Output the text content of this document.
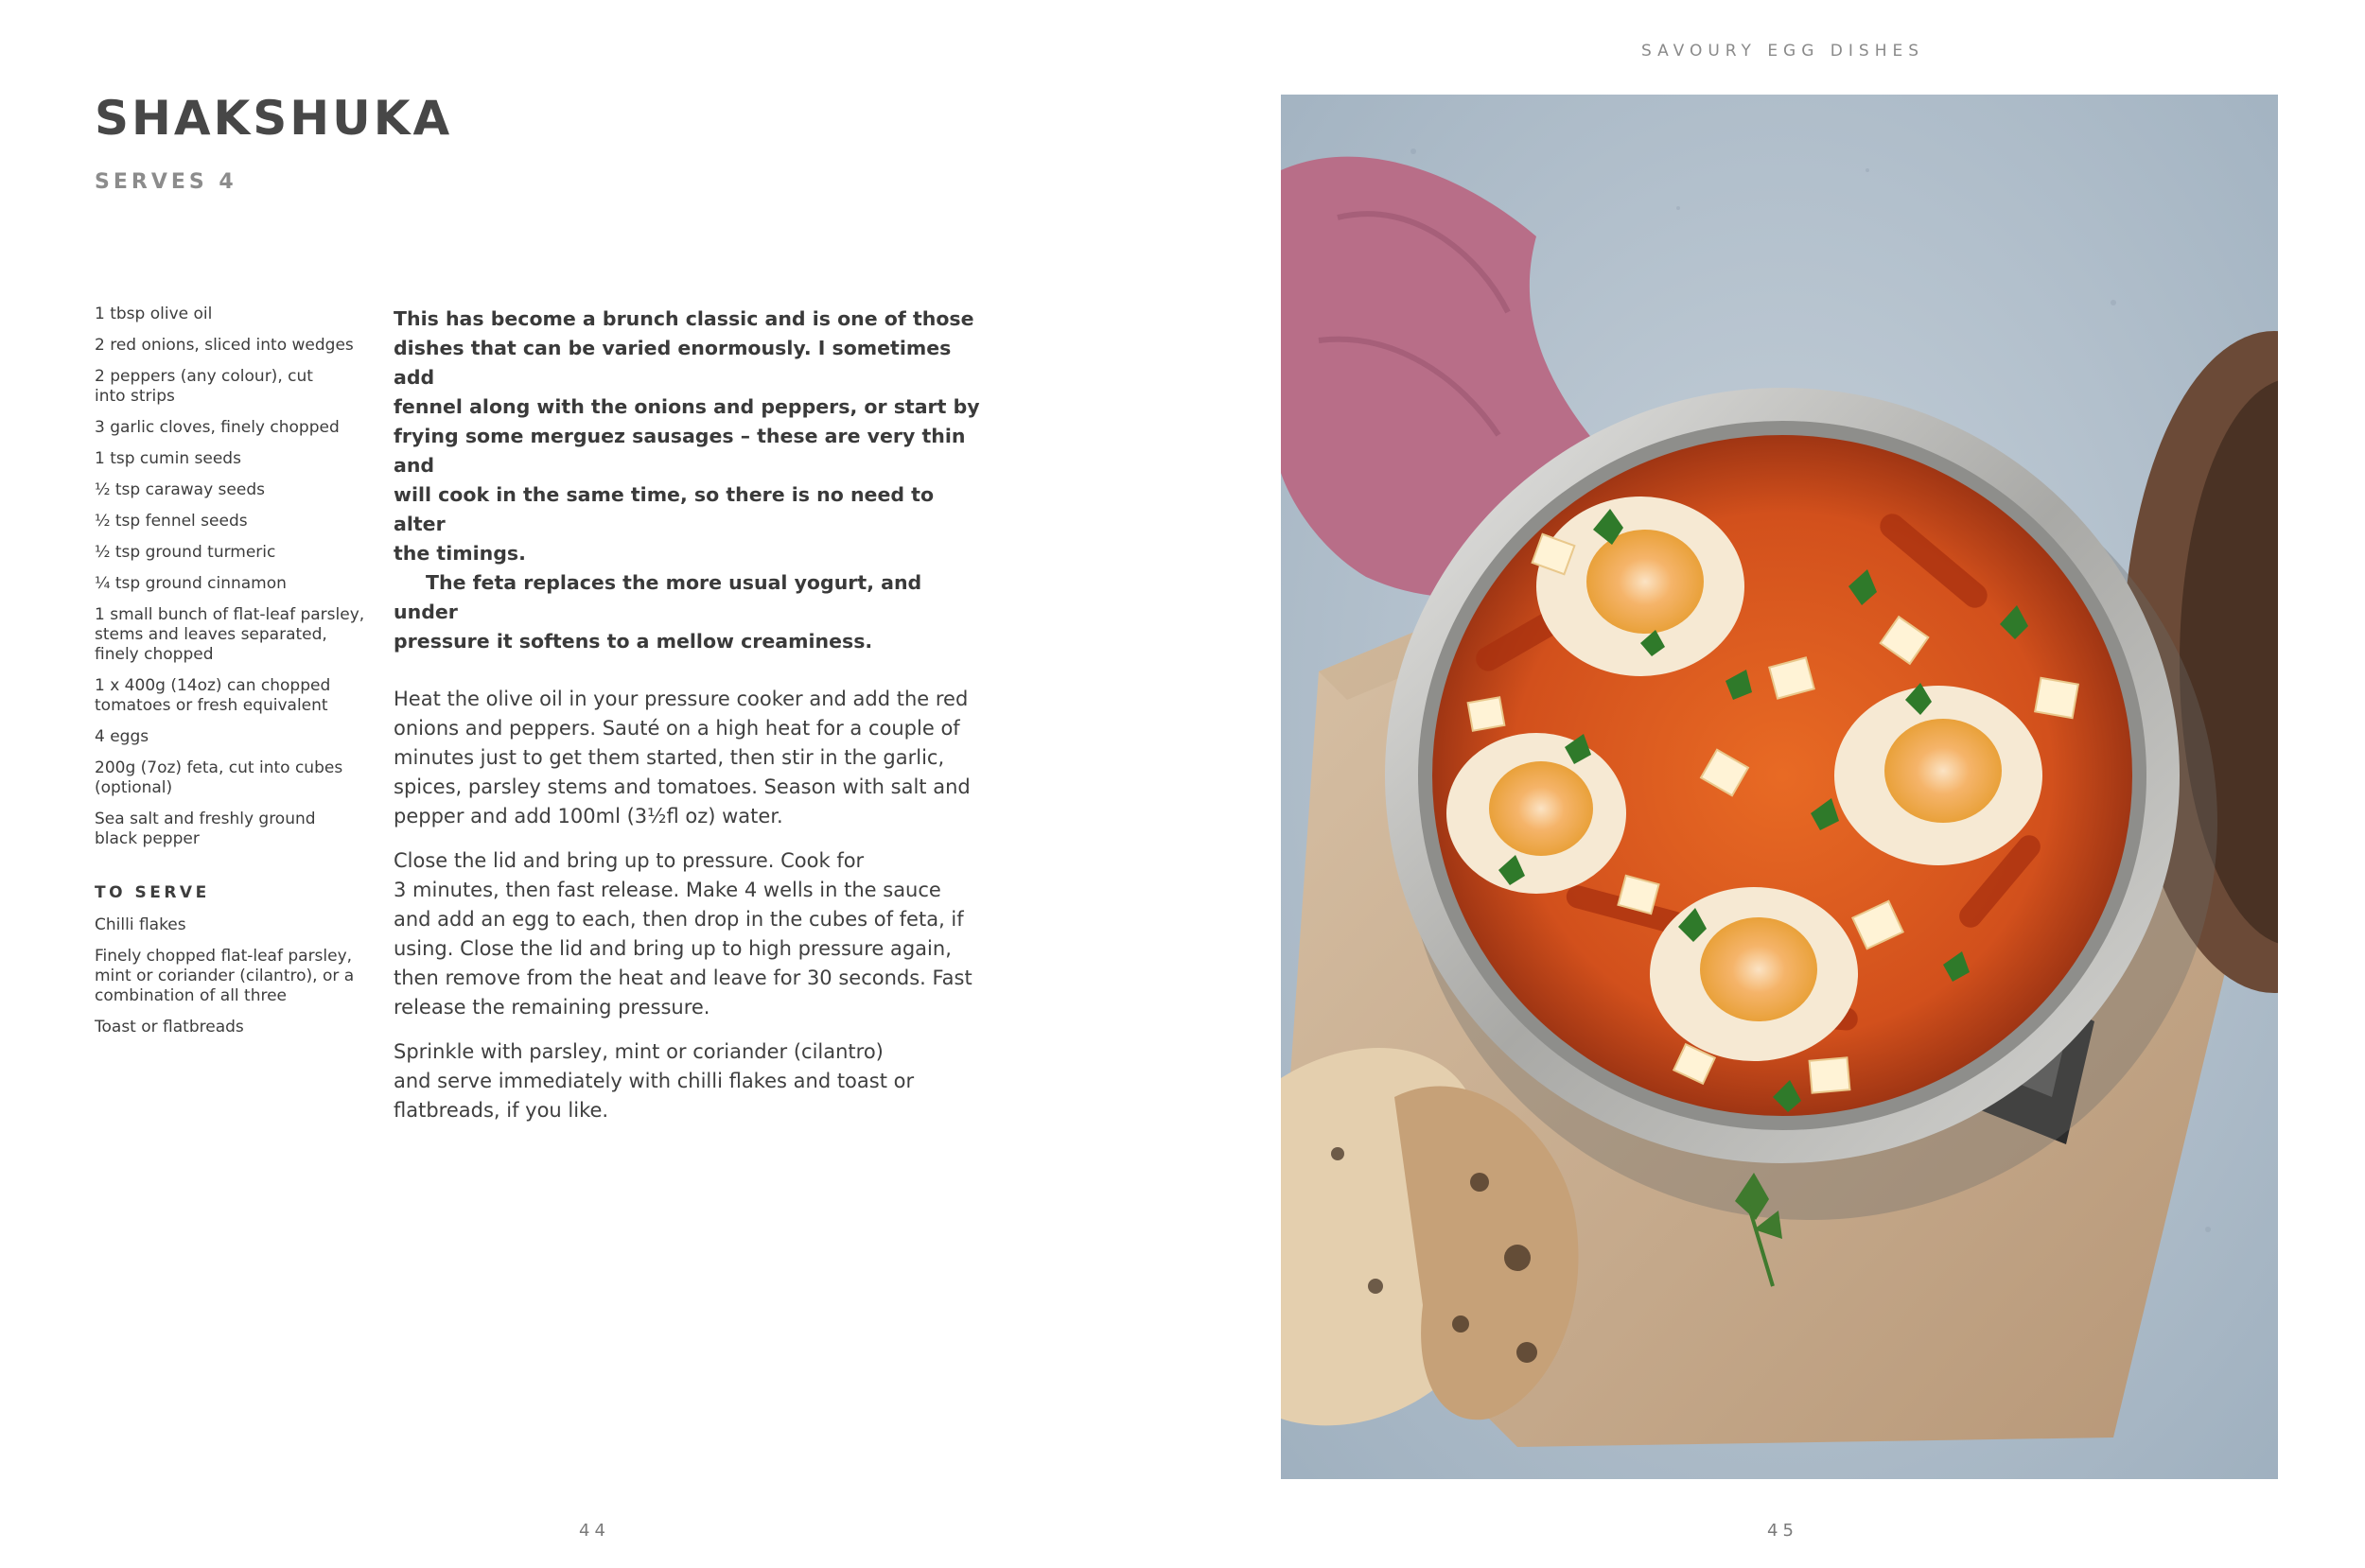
SHAKSHUKA
SERVES 4
1 tbsp olive oil
2 red onions, sliced into wedges
2 peppers (any colour), cut
into strips
3 garlic cloves, finely chopped
1 tsp cumin seeds
½ tsp caraway seeds
½ tsp fennel seeds
½ tsp ground turmeric
¼ tsp ground cinnamon
1 small bunch of flat-leaf parsley,
stems and leaves separated,
finely chopped
1 x 400g (14oz) can chopped
tomatoes or fresh equivalent
4 eggs
200g (7oz) feta, cut into cubes
(optional)
Sea salt and freshly ground
black pepper
TO SERVE
Chilli flakes
Finely chopped flat-leaf parsley,
mint or coriander (cilantro), or a
combination of all three
Toast or flatbreads

This has become a brunch classic and is one of those
dishes that can be varied enormously. I sometimes add
fennel along with the onions and peppers, or start by
frying some merguez sausages – these are very thin and
will cook in the same time, so there is no need to alter
the timings.

The feta replaces the more usual yogurt, and under
pressure it softens to a mellow creaminess.

Heat the olive oil in your pressure cooker and add the red
onions and peppers. Sauté on a high heat for a couple of
minutes just to get them started, then stir in the garlic,
spices, parsley stems and tomatoes. Season with salt and
pepper and add 100ml (3½fl oz) water.

Close the lid and bring up to pressure. Cook for
3 minutes, then fast release. Make 4 wells in the sauce
and add an egg to each, then drop in the cubes of feta, if
using. Close the lid and bring up to high pressure again,
then remove from the heat and leave for 30 seconds. Fast
release the remaining pressure.

Sprinkle with parsley, mint or coriander (cilantro)
and serve immediately with chilli flakes and toast or
flatbreads, if you like.

44
SAVOURY EGG DISHES
45
